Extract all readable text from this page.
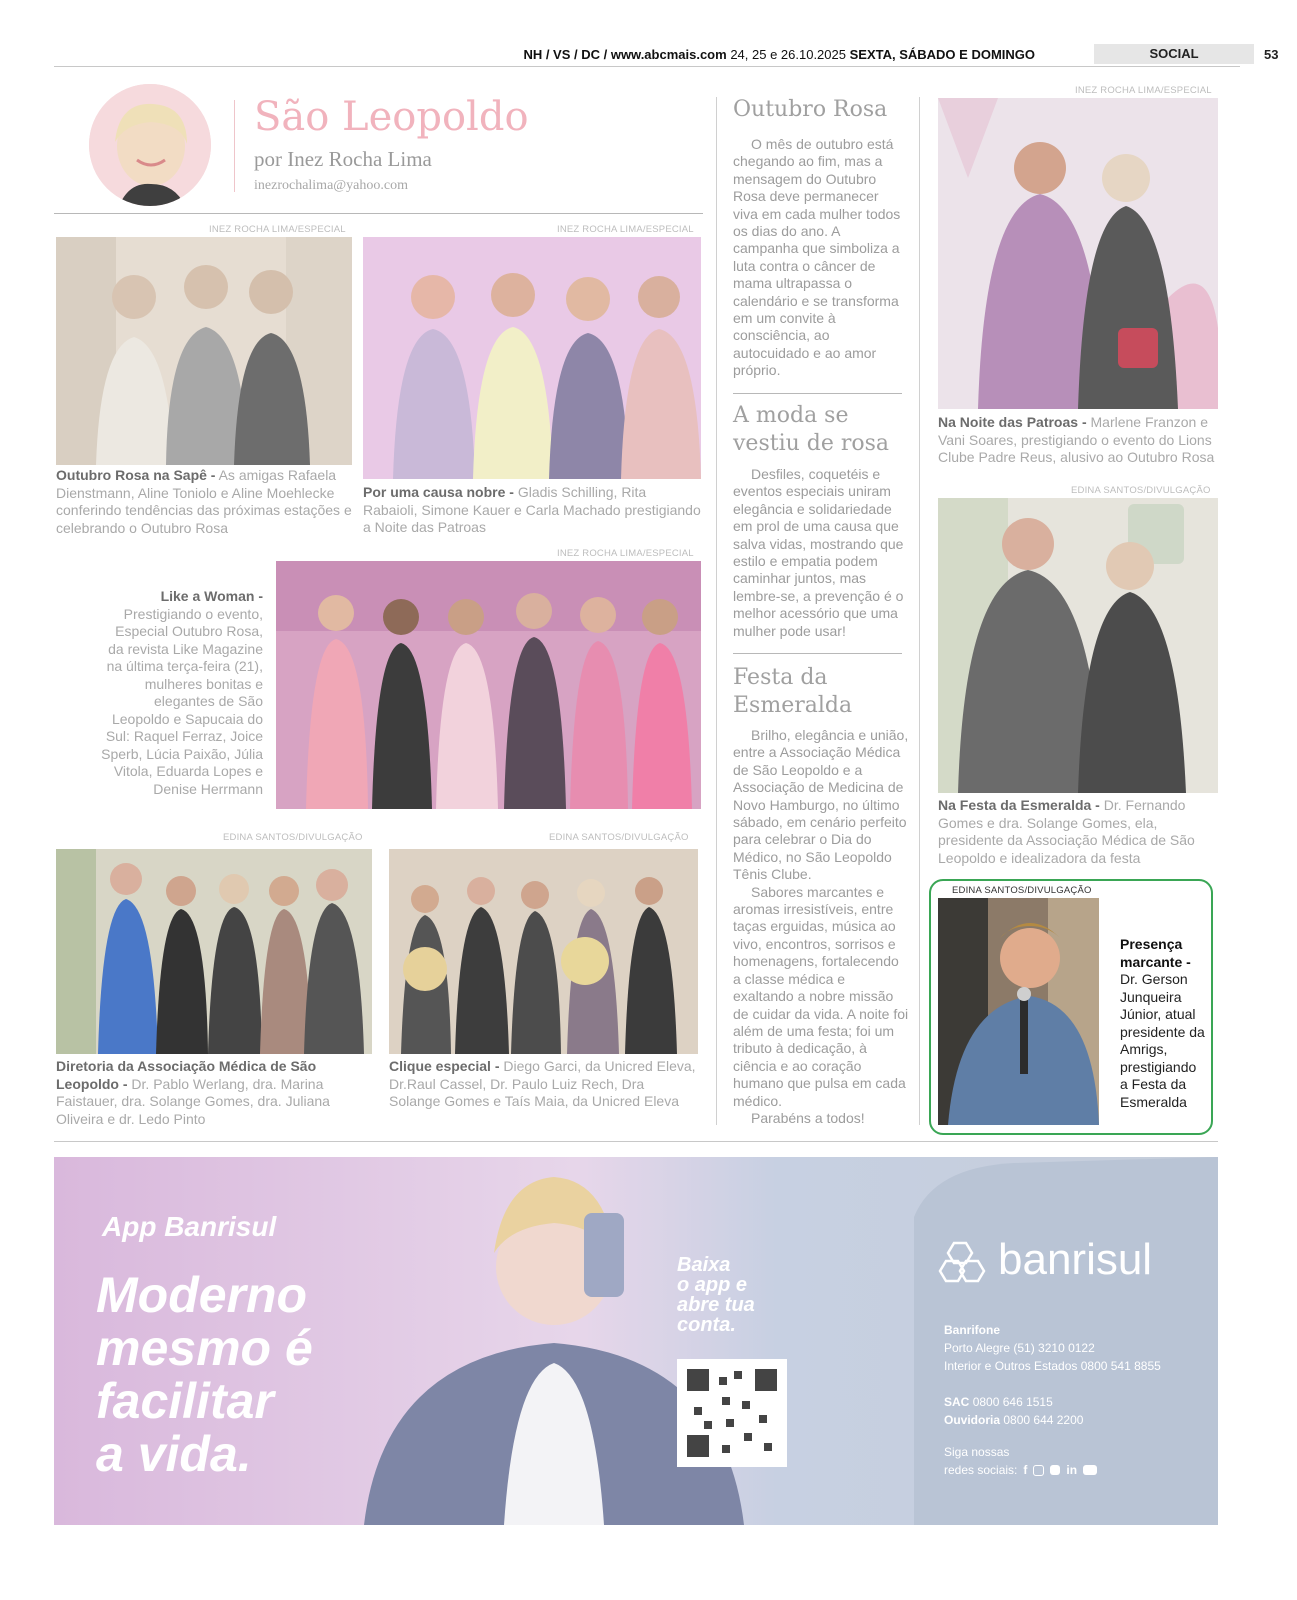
NH / VS / DC / www.abcmais.com 24, 25 e 26.10.2025 SEXTA, SÁBADO E DOMINGO	SOCIAL	53
São Leopoldo
por Inez Rocha Lima
inezrochalima@yahoo.com
INEZ ROCHA LIMA/ESPECIAL
Outubro Rosa na Sapê - As amigas Rafaela Dienstmann, Aline Toniolo e Aline Moehlecke conferindo tendências das próximas estações e celebrando o Outubro Rosa
INEZ ROCHA LIMA/ESPECIAL
Por uma causa nobre - Gladis Schilling, Rita Rabaioli, Simone Kauer e Carla Machado prestigiando a Noite das Patroas
INEZ ROCHA LIMA/ESPECIAL
Like a Woman -
Prestigiando o evento, Especial Outubro Rosa, da revista Like Magazine na última terça-feira (21), mulheres bonitas e elegantes de São Leopoldo e Sapucaia do Sul: Raquel Ferraz, Joice Sperb, Lúcia Paixão, Júlia Vitola, Eduarda Lopes e Denise Herrmann
EDINA SANTOS/DIVULGAÇÃO
Diretoria da Associação Médica de São Leopoldo - Dr. Pablo Werlang, dra. Marina Faistauer, dra. Solange Gomes, dra. Juliana Oliveira e dr. Ledo Pinto
EDINA SANTOS/DIVULGAÇÃO
Clique especial - Diego Garci, da Unicred Eleva, Dr.Raul Cassel, Dr. Paulo Luiz Rech, Dra Solange Gomes e Taís Maia, da Unicred Eleva
Outubro Rosa

O mês de outubro está chegando ao fim, mas a mensagem do Outubro Rosa deve permanecer viva em cada mulher todos os dias do ano. A campanha que simboliza a luta contra o câncer de mama ultrapassa o calendário e se transforma em um convite à consciência, ao autocuidado e ao amor próprio.

A moda se vestiu de rosa

Desfiles, coquetéis e eventos especiais uniram elegância e solidariedade em prol de uma causa que salva vidas, mostrando que estilo e empatia podem caminhar juntos, mas lembre-se, a prevenção é o melhor acessório que uma mulher pode usar!

Festa da Esmeralda

Brilho, elegância e união, entre a Associação Médica de São Leopoldo e a Associação de Medicina de Novo Hamburgo, no último sábado, em cenário perfeito para celebrar o Dia do Médico, no São Leopoldo Tênis Clube.

Sabores marcantes e aromas irresistíveis, entre taças erguidas, música ao vivo, encontros, sorrisos e homenagens, fortalecendo a classe médica e exaltando a nobre missão de cuidar da vida. A noite foi além de uma festa; foi um tributo à dedicação, à ciência e ao coração humano que pulsa em cada médico.

Parabéns a todos!

INEZ ROCHA LIMA/ESPECIAL
Na Noite das Patroas - Marlene Franzon e Vani Soares, prestigiando o evento do Lions Clube Padre Reus, alusivo ao Outubro Rosa
EDINA SANTOS/DIVULGAÇÃO
Na Festa da Esmeralda - Dr. Fernando Gomes e dra. Solange Gomes, ela, presidente da Associação Médica de São Leopoldo e idealizadora da festa
EDINA SANTOS/DIVULGAÇÃO
Presença marcante - Dr. Gerson Junqueira Júnior, atual presidente da Amrigs, prestigiando a Festa da Esmeralda
App Banrisul
Moderno
mesmo é
facilitar
a vida.
Baixa
o app e
abre tua
conta.
banrisul
Banrifone
Porto Alegre (51) 3210 0122
Interior e Outros Estados 0800 541 8855
SAC 0800 646 1515
Ouvidoria 0800 644 2200
Siga nossas
redes sociais: f	in
